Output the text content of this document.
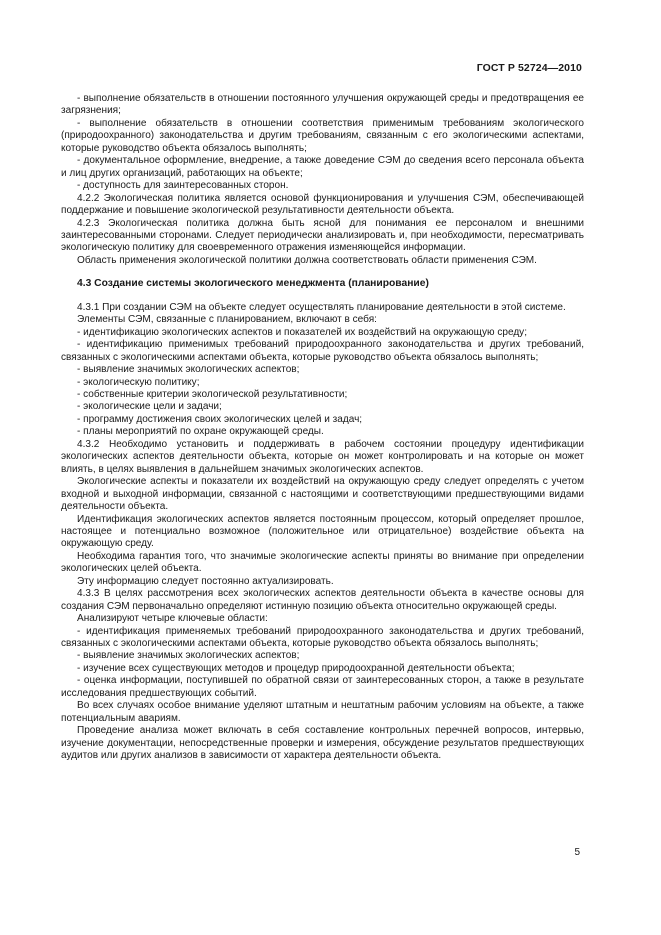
ГОСТ Р 52724—2010

- выполнение обязательств в отношении постоянного улучшения окружающей среды и предотвращения ее загрязнения;

- выполнение обязательств в отношении соответствия применимым требованиям экологического (природоохранного) законодательства и другим требованиям, связанным с его экологическими аспектами, которые руководство объекта обязалось выполнять;

- документальное оформление, внедрение, а также доведение СЭМ до сведения всего персонала объекта и лиц других организаций, работающих на объекте;

- доступность для заинтересованных сторон.

4.2.2 Экологическая политика является основой функционирования и улучшения СЭМ, обеспечивающей поддержание и повышение экологической результативности деятельности объекта.

4.2.3 Экологическая политика должна быть ясной для понимания ее персоналом и внешними заинтересованными сторонами. Следует периодически анализировать и, при необходимости, пересматривать экологическую политику для своевременного отражения изменяющейся информации.

Область применения экологической политики должна соответствовать области применения СЭМ.

4.3 Создание системы экологического менеджмента (планирование)

4.3.1 При создании СЭМ на объекте следует осуществлять планирование деятельности в этой системе.

Элементы СЭМ, связанные с планированием, включают в себя:

- идентификацию экологических аспектов и показателей их воздействий на окружающую среду;

- идентификацию применимых требований природоохранного законодательства и других требований, связанных с экологическими аспектами объекта, которые руководство объекта обязалось выполнять;

- выявление значимых экологических аспектов;

- экологическую политику;

- собственные критерии экологической результативности;

- экологические цели и задачи;

- программу достижения своих экологических целей и задач;

- планы мероприятий по охране окружающей среды.

4.3.2 Необходимо установить и поддерживать в рабочем состоянии процедуру идентификации экологических аспектов деятельности объекта, которые он может контролировать и на которые он может влиять, в целях выявления в дальнейшем значимых экологических аспектов.

Экологические аспекты и показатели их воздействий на окружающую среду следует определять с учетом входной и выходной информации, связанной с настоящими и соответствующими предшествующими видами деятельности объекта.

Идентификация экологических аспектов является постоянным процессом, который определяет прошлое, настоящее и потенциально возможное (положительное или отрицательное) воздействие объекта на окружающую среду.

Необходима гарантия того, что значимые экологические аспекты приняты во внимание при определении экологических целей объекта.

Эту информацию следует постоянно актуализировать.

4.3.3 В целях рассмотрения всех экологических аспектов деятельности объекта в качестве основы для создания СЭМ первоначально определяют истинную позицию объекта относительно окружающей среды.

Анализируют четыре ключевые области:

- идентификация применяемых требований природоохранного законодательства и других требований, связанных с экологическими аспектами объекта, которые руководство объекта обязалось выполнять;

- выявление значимых экологических аспектов;

- изучение всех существующих методов и процедур природоохранной деятельности объекта;

- оценка информации, поступившей по обратной связи от заинтересованных сторон, а также в результате исследования предшествующих событий.

Во всех случаях особое внимание уделяют штатным и нештатным рабочим условиям на объекте, а также потенциальным авариям.

Проведение анализа может включать в себя составление контрольных перечней вопросов, интервью, изучение документации, непосредственные проверки и измерения, обсуждение результатов предшествующих аудитов или других анализов в зависимости от характера деятельности объекта.

5
